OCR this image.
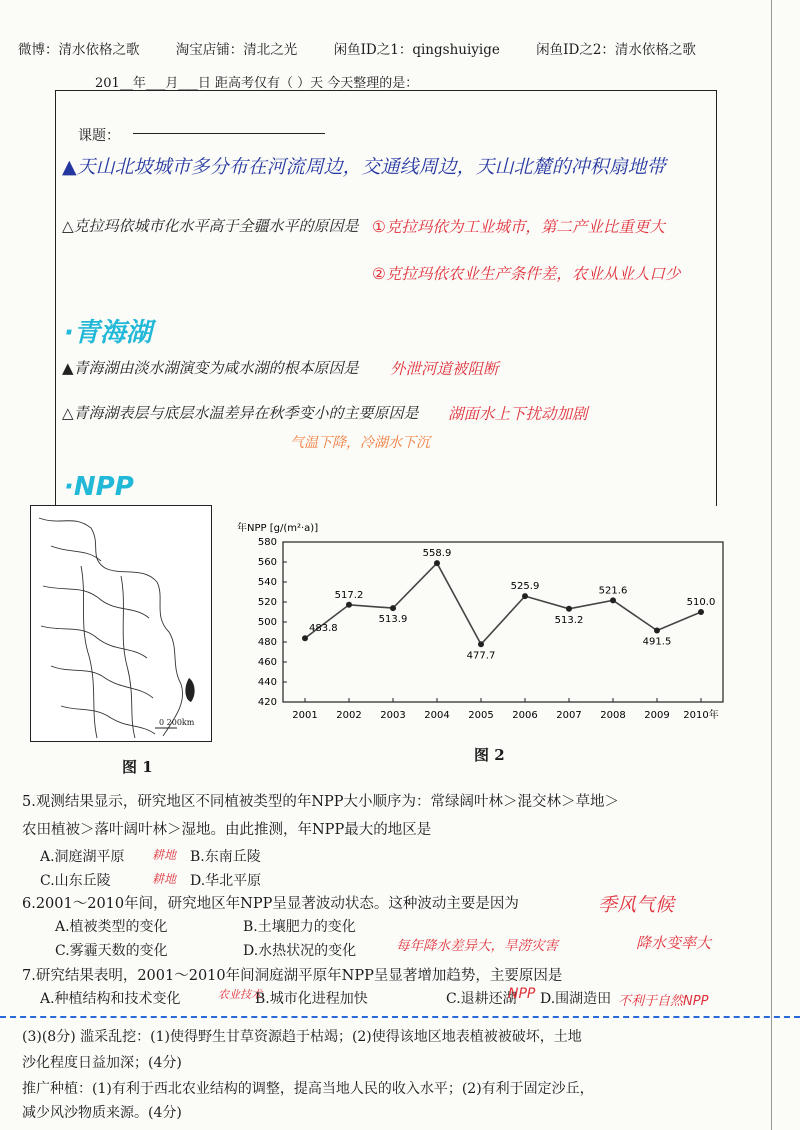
微博：清水依格之歌	淘宝店铺：清北之光	闲鱼ID之1：qingshuiyige	闲鱼ID之2：清水依格之歌
201__年___月___日 距高考仅有（ ）天 今天整理的是：
课题：
▲天山北坡城市多分布在河流周边，交通线周边，天山北麓的冲积扇地带
△克拉玛依城市化水平高于全疆水平的原因是 ①克拉玛依为工业城市，第二产业比重更大
②克拉玛依农业生产条件差，农业从业人口少
·青海湖
▲青海湖由淡水湖演变为咸水湖的根本原因是 外泄河道被阻断
△青海湖表层与底层水温差异在秋季变小的主要原因是 湖面水上下扰动加剧
气温下降，冷湖水下沉
·NPP
0 200km
图 1
年NPP [g/(m²·a)]
580
560
540
520
500
480
460
440
420
2001 2002 2003 2004 2005 2006 2007 2008 2009 2010年
483.8
517.2
513.9
558.9
477.7
525.9
513.2
521.6
491.5
510.0
图 2
5.观测结果显示，研究地区不同植被类型的年NPP大小顺序为：常绿阔叶林＞混交林＞草地＞
农田植被＞落叶阔叶林＞湿地。由此推测，年NPP最大的地区是
A.洞庭湖平原 耕地 B.东南丘陵
C.山东丘陵	耕地 D.华北平原
6.2001～2010年间，研究地区年NPP呈显著波动状态。这种波动主要是因为	季风气候
A.植被类型的变化	B.土壤肥力的变化
C.雾霾天数的变化	D.水热状况的变化	每年降水差异大，旱涝灾害	降水变率大
7.研究结果表明，2001～2010年间洞庭湖平原年NPP呈显著增加趋势，主要原因是
A.种植结构和技术变化	农业技术
B.城市化进程加快	C.退耕还湖
NPP D.围湖造田 不利于自然NPP
(3)(8分) 滥采乱挖：(1)使得野生甘草资源趋于枯竭；(2)使得该地区地表植被被破坏，土地
沙化程度日益加深；(4分)
推广种植：(1)有利于西北农业结构的调整，提高当地人民的收入水平；(2)有利于固定沙丘，
减少风沙物质来源。(4分)
